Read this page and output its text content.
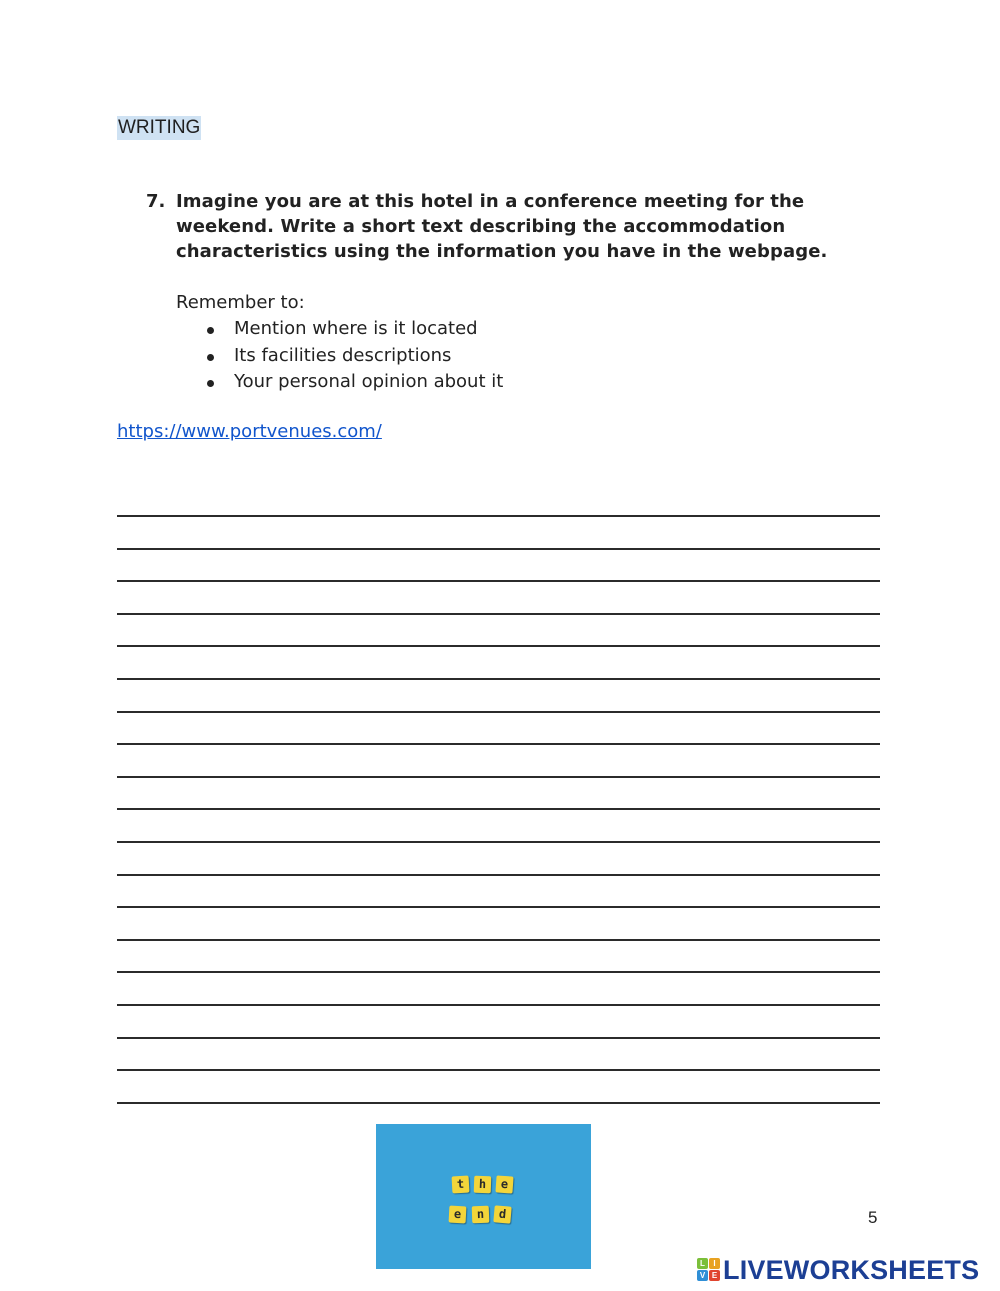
WRITING
7. Imagine you are at this hotel in a conference meeting for the
weekend. Write a short text describing the accommodation
characteristics using the information you have in the webpage.
Remember to:
Mention where is it located
Its facilities descriptions
Your personal opinion about it
https://www.portvenues.com/
t	h	e
e	n	d	5
L	I
V E LIVEWORKSHEETS
